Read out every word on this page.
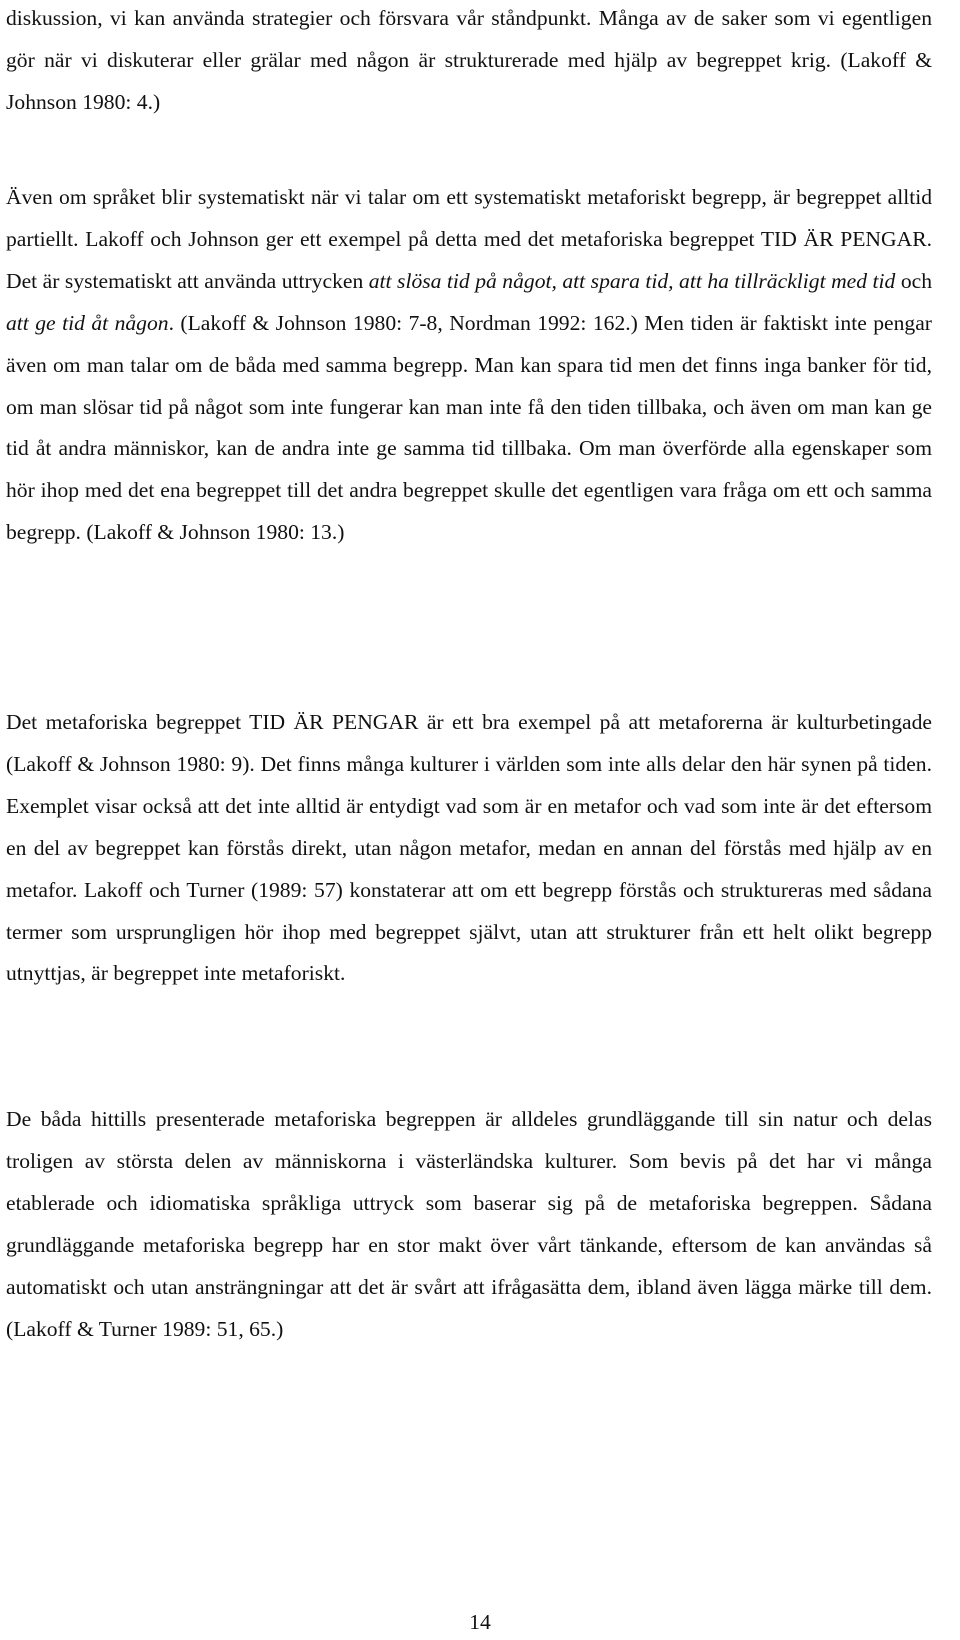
diskussion, vi kan använda strategier och försvara vår ståndpunkt. Många av de saker som vi egentligen gör när vi diskuterar eller grälar med någon är strukturerade med hjälp av begreppet krig. (Lakoff & Johnson 1980: 4.)

Även om språket blir systematiskt när vi talar om ett systematiskt metaforiskt begrepp, är begreppet alltid partiellt. Lakoff och Johnson ger ett exempel på detta med det metaforiska begreppet TID ÄR PENGAR. Det är systematiskt att använda uttrycken att slösa tid på något, att spara tid, att ha tillräckligt med tid och att ge tid åt någon. (Lakoff & Johnson 1980: 7-8, Nordman 1992: 162.) Men tiden är faktiskt inte pengar även om man talar om de båda med samma begrepp. Man kan spara tid men det finns inga banker för tid, om man slösar tid på något som inte fungerar kan man inte få den tiden tillbaka, och även om man kan ge tid åt andra människor, kan de andra inte ge samma tid tillbaka. Om man överförde alla egenskaper som hör ihop med det ena begreppet till det andra begreppet skulle det egentligen vara fråga om ett och samma begrepp. (Lakoff & Johnson 1980: 13.)

Det metaforiska begreppet TID ÄR PENGAR är ett bra exempel på att metaforerna är kulturbetingade (Lakoff & Johnson 1980: 9). Det finns många kulturer i världen som inte alls delar den här synen på tiden. Exemplet visar också att det inte alltid är entydigt vad som är en metafor och vad som inte är det eftersom en del av begreppet kan förstås direkt, utan någon metafor, medan en annan del förstås med hjälp av en metafor. Lakoff och Turner (1989: 57) konstaterar att om ett begrepp förstås och struktureras med sådana termer som ursprungligen hör ihop med begreppet självt, utan att strukturer från ett helt olikt begrepp utnyttjas, är begreppet inte metaforiskt.

De båda hittills presenterade metaforiska begreppen är alldeles grundläggande till sin natur och delas troligen av största delen av människorna i västerländska kulturer. Som bevis på det har vi många etablerade och idiomatiska språkliga uttryck som baserar sig på de metaforiska begreppen. Sådana grundläggande metaforiska begrepp har en stor makt över vårt tänkande, eftersom de kan användas så automatiskt och utan ansträngningar att det är svårt att ifrågasätta dem, ibland även lägga märke till dem. (Lakoff & Turner 1989: 51, 65.)

14
